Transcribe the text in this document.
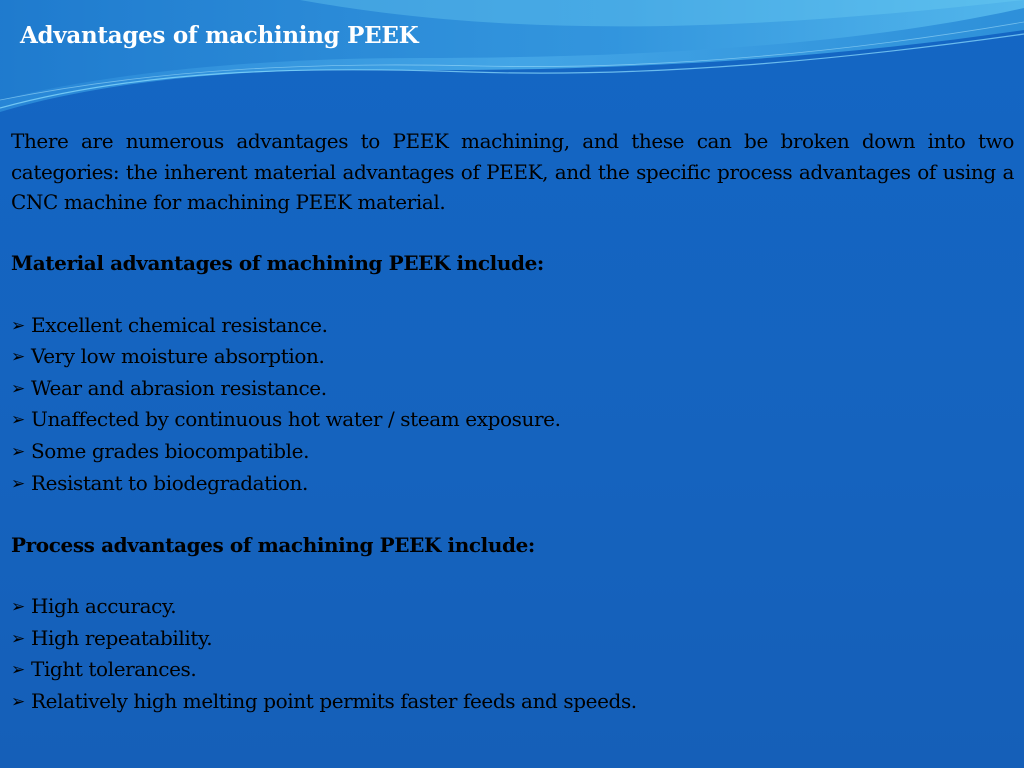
Advantages of machining PEEK

There are numerous advantages to PEEK machining, and these can be broken down into two categories: the inherent material advantages of PEEK, and the specific process advantages of using a CNC machine for machining PEEK material.

Material advantages of machining PEEK include:

➢ Excellent chemical resistance.
➢ Very low moisture absorption.
➢ Wear and abrasion resistance.
➢ Unaffected by continuous hot water / steam exposure.
➢ Some grades biocompatible.
➢ Resistant to biodegradation.

Process advantages of machining PEEK include:

➢ High accuracy.
➢ High repeatability.
➢ Tight tolerances.
➢ Relatively high melting point permits faster feeds and speeds.
